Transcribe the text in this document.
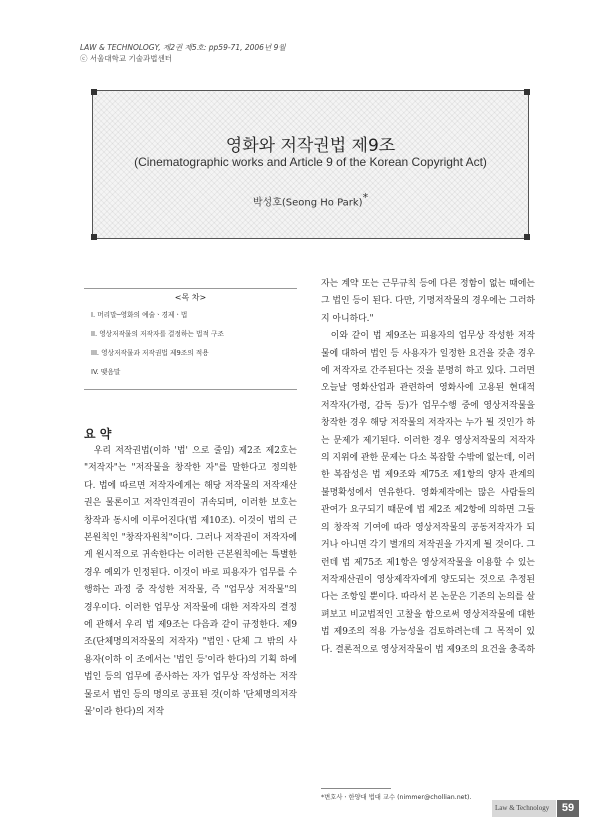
LAW & TECHNOLOGY, 제2권 제5호: pp59-71, 2006년 9월
ⓒ 서울대학교 기술과법센터
영화와 저작권법 제9조
(Cinematographic works and Article 9 of the Korean Copyright Act)
박성호(Seong Ho Park)*
<목 차>
I. 머리말─영화의 예술ㆍ경제ㆍ법
II. 영상저작물의 저작자를 결정하는 법적 구조
III. 영상저작물과 저작권법 제9조의 적용
IV. 맺음말
요 약

우리 저작권법(이하 '법' 으로 줄임) 제2조 제2호는 "저작자"는 "저작물을 창작한 자"를 말한다고 정의한다. 법에 따르면 저작자에게는 해당 저작물의 저작재산권은 물론이고 저작인격권이 귀속되며, 이러한 보호는 창작과 동시에 이루어진다(법 제10조). 이것이 법의 근본원칙인 "창작자원칙"이다. 그러나 저작권이 저작자에게 원시적으로 귀속한다는 이러한 근본원칙에는 특별한 경우 예외가 인정된다. 이것이 바로 피용자가 업무를 수행하는 과정 중 작성한 저작물, 즉 "업무상 저작물"의 경우이다. 이러한 업무상 저작물에 대한 저작자의 결정에 관해서 우리 법 제9조는 다음과 같이 규정한다. 제9조(단체명의저작물의 저작자) "법인ㆍ단체 그 밖의 사용자(이하 이 조에서는 '법인 등'이라 한다)의 기획 하에 법인 등의 업무에 종사하는 자가 업무상 작성하는 저작물로서 법인 등의 명의로 공표된 것(이하 '단체명의저작물'이라 한다)의 저작

자는 계약 또는 근무규칙 등에 다른 정함이 없는 때에는 그 법인 등이 된다. 다만, 기명저작물의 경우에는 그러하지 아니하다."

이와 같이 법 제9조는 피용자의 업무상 작성한 저작물에 대하여 법인 등 사용자가 일정한 요건을 갖춘 경우에 저작자로 간주된다는 것을 분명히 하고 있다. 그러면 오늘날 영화산업과 관련하여 영화사에 고용된 현대적 저작자(가령, 감독 등)가 업무수행 중에 영상저작물을 창작한 경우 해당 저작물의 저작자는 누가 될 것인가 하는 문제가 제기된다. 이러한 경우 영상저작물의 저작자의 지위에 관한 문제는 다소 복잡할 수밖에 없는데, 이러한 복잡성은 법 제9조와 제75조 제1항의 양자 관계의 불명확성에서 연유한다. 영화제작에는 많은 사람들의 관여가 요구되기 때문에 법 제2조 제2항에 의하면 그들의 창작적 기여에 따라 영상저작물의 공동저작자가 되거나 아니면 각기 별개의 저작권을 가지게 될 것이다. 그런데 법 제75조 제1항은 영상저작물을 이용할 수 있는 저작재산권이 영상제작자에게 양도되는 것으로 추정된다는 조항일 뿐이다. 따라서 본 논문은 기존의 논의를 살펴보고 비교법적인 고찰을 함으로써 영상저작물에 대한 법 제9조의 적용 가능성을 검토하려는데 그 목적이 있다. 결론적으로 영상저작물이 법 제9조의 요건을 충족하

*변호사ㆍ한양대 법대 교수 (nimmer@chollian.net).
Law & Technology	59
